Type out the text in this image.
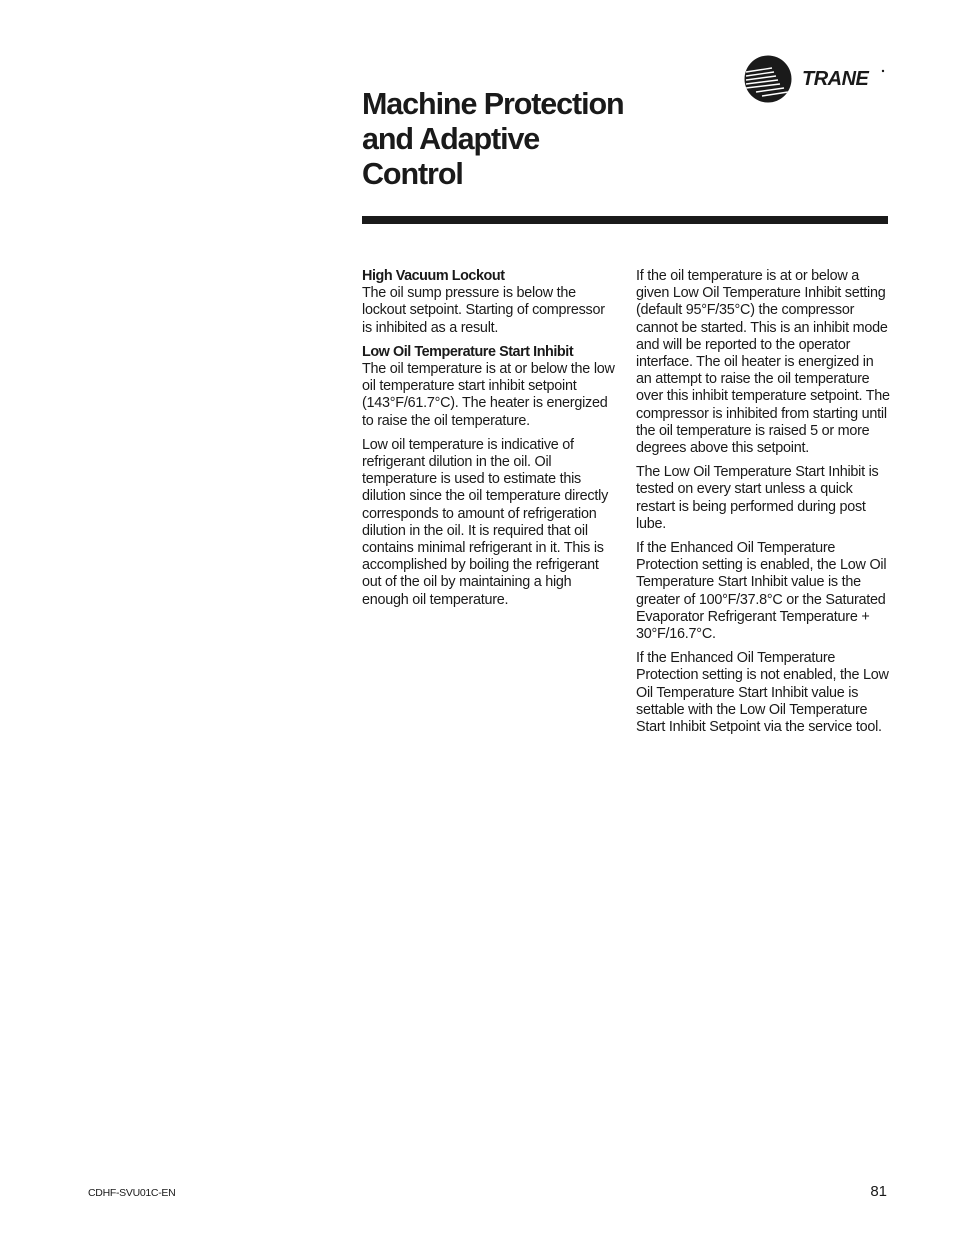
TRANE
Machine Protection
and Adaptive
Control
High Vacuum Lockout
The oil sump pressure is below the lockout setpoint. Starting of compressor is inhibited as a result.
Low Oil Temperature Start Inhibit
The oil temperature is at or below the low oil temperature start inhibit setpoint (143°F/61.7°C). The heater is energized to raise the oil temperature.
Low oil temperature is indicative of refrigerant dilution in the oil. Oil temperature is used to estimate this dilution since the oil temperature directly corresponds to amount of refrigeration dilution in the oil. It is required that oil contains minimal refrigerant in it. This is accomplished by boiling the refrigerant out of the oil by maintaining a high enough oil temperature.
If the oil temperature is at or below a given Low Oil Temperature Inhibit setting (default 95°F/35°C) the compressor cannot be started. This is an inhibit mode and will be reported to the operator interface. The oil heater is energized in an attempt to raise the oil temperature over this inhibit temperature setpoint. The compressor is inhibited from starting until the oil temperature is raised 5 or more degrees above this setpoint.
The Low Oil Temperature Start Inhibit is tested on every start unless a quick restart is being performed during post lube.
If the Enhanced Oil Temperature Protection setting is enabled, the Low Oil Temperature Start Inhibit value is the greater of 100°F/37.8°C or the Saturated Evaporator Refrigerant Temperature + 30°F/16.7°C.
If the Enhanced Oil Temperature Protection setting is not enabled, the Low Oil Temperature Start Inhibit value is settable with the Low Oil Temperature Start Inhibit Setpoint via the service tool.
CDHF-SVU01C-EN	81
